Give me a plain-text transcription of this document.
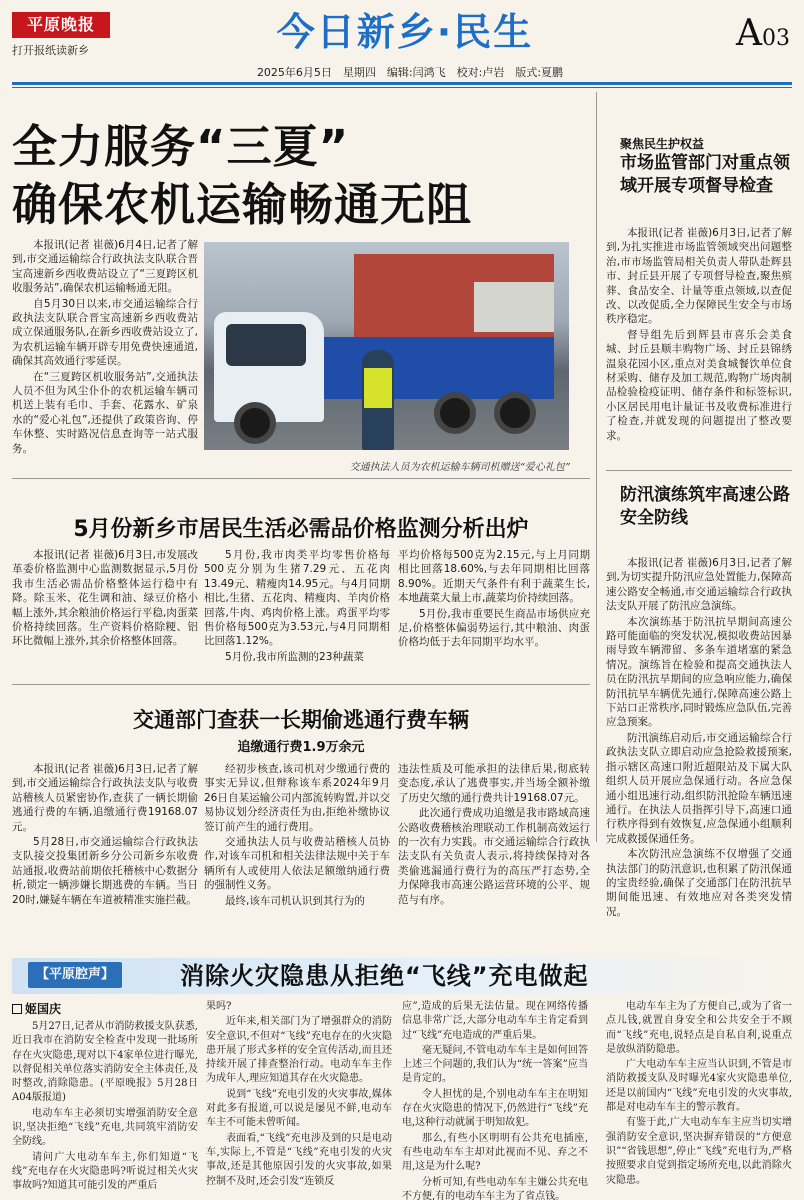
平原晚报
打开报纸读新乡	今日新乡·民生	A03
2025年6月5日　星期四　编辑:闫鸿飞　校对:卢岩　版式:夏鹏
全力服务“三夏”
确保农机运输畅通无阻

本报讯(记者 崔薇)6月4日,记者了解到,市交通运输综合行政执法支队联合晋宝高速新乡西收费站设立了“三夏跨区机收服务站”,确保农机运输畅通无阻。

自5月30日以来,市交通运输综合行政执法支队联合晋宝高速新乡西收费站成立保通服务队,在新乡西收费站设立了,为农机运输车辆开辟专用免费快速通道,确保其高效通行零延误。

在“三夏跨区机收服务站”,交通执法人员不但为风尘仆仆的农机运输车辆司机送上装有毛巾、手套、花露水、矿泉水的“爱心礼包”,还提供了政策咨询、停车休整、实时路况信息查询等一站式服务。

交通执法人员为农机运输车辆司机赠送“爱心礼包”
5月份新乡市居民生活必需品价格监测分析出炉

本报讯(记者 崔薇)6月3日,市发展改革委价格监测中心监测数据显示,5月份我市生活必需品价格整体运行稳中有降。除玉米、花生调和油、绿豆价格小幅上涨外,其余粮油价格运行平稳,肉蛋菜价格持续回落。生产资料价格除粳、铝环比微幅上涨外,其余价格整体回落。

5月份,我市肉类平均零售价格每500克分别为生猪7.29元、五花肉13.49元、精瘦肉14.95元。与4月同期相比,生猪、五花肉、精瘦肉、羊肉价格回落,牛肉、鸡肉价格上涨。鸡蛋平均零售价格每500克为3.53元,与4月同期相比回落1.12%。

5月份,我市所监测的23种蔬菜

平均价格每500克为2.15元,与上月同期相比回落18.60%,与去年同期相比回落8.90%。近期天气条件有利于蔬菜生长,本地蔬菜大量上市,蔬菜均价持续回落。

5月份,我市重要民生商品市场供应充足,价格整体偏弱势运行,其中粮油、肉蛋价格均低于去年同期平均水平。

交通部门查获一长期偷逃通行费车辆
追缴通行费1.9万余元

本报讯(记者 崔薇)6月3日,记者了解到,市交通运输综合行政执法支队与收费站稽核人员紧密协作,查获了一辆长期偷逃通行费的车辆,追缴通行费19168.07元。

5月28日,市交通运输综合行政执法支队接交投集团新乡分公司新乡东收费站通报,收费站前期依托稽核中心数据分析,锁定一辆涉嫌长期逃费的车辆。当日20时,嫌疑车辆在车道被精准实施拦截。

经初步核查,该司机对少缴通行费的事实无异议,但辩称该车系2024年9月26日自某运输公司内部流转购置,并以交易协议划分经济责任为由,拒绝补缴协议签订前产生的通行费用。

交通执法人员与收费站稽核人员协作,对该车司机和相关法律法规中关于车辆所有人或使用人依法足额缴纳通行费的强制性义务。

最终,该车司机认识到其行为的

违法性质及可能承担的法律后果,彻底转变态度,承认了逃费事实,并当场全额补缴了历史欠缴的通行费共计19168.07元。

此次通行费成功追缴是我市路域高速公路收费稽核治理联动工作机制高效运行的一次有力实践。市交通运输综合行政执法支队有关负责人表示,将持续保持对各类偷逃漏通行费行为的高压严打态势,全力保障我市高速公路运营环境的公平、规范与有序。

聚焦民生护权益
市场监管部门对重点领域开展专项督导检查

本报讯(记者 崔薇)6月3日,记者了解到,为扎实推进市场监管领域突出问题整治,市市场监管局相关负责人带队赴辉县市、封丘县开展了专项督导检查,聚焦殡葬、食品安全、计量等重点领域,以查促改、以改促质,全力保障民生安全与市场秩序稳定。

督导组先后到辉县市喜乐会美食城、封丘县顺丰购物广场、封丘县锦绣温泉花园小区,重点对美食城餐饮单位食材采购、储存及加工规范,购物广场肉制品检验检疫证明、储存条件和标签标识,小区居民用电计量证书及收费标准进行了检查,并就发现的问题提出了整改要求。

防汛演练筑牢高速公路安全防线

本报讯(记者 崔薇)6月3日,记者了解到,为切实提升防汛应急处置能力,保障高速公路安全畅通,市交通运输综合行政执法支队开展了防汛应急演练。

本次演练基于防汛抗旱期间高速公路可能面临的突发状况,模拟收费站因暴雨导致车辆滞留、多条车道堵塞的紧急情况。演练旨在检验和提高交通执法人员在防汛抗旱期间的应急响应能力,确保防汛抗旱车辆优先通行,保障高速公路上下站口正常秩序,同时锻炼应急队伍,完善应急预案。

防汛演练启动后,市交通运输综合行政执法支队立即启动应急抢险救援预案,指示辖区高速口附近超限站及下属大队组织人员开展应急保通行动。各应急保通小组迅速行动,组织防汛抢险车辆迅速通行。在执法人员指挥引导下,高速口通行秩序得到有效恢复,应急保通小组顺利完成救援保通任务。

本次防汛应急演练不仅增强了交通执法部门的防汛意识,也积累了防汛保通的宝贵经验,确保了交通部门在防汛抗旱期间能迅速、有效地应对各类突发情况。

【平原腔声】	消除火灾隐患从拒绝“飞线”充电做起
姬国庆

5月27日,记者从市消防救援支队获悉,近日我市在消防安全检查中发现一批场所存在火灾隐患,现对以下4家单位进行曝光,以督促相关单位落实消防安全主体责任,及时整改,消除隐患。(平原晚报》5月28日A04版报道)

电动车车主必须切实增强消防安全意识,坚决拒绝“飞线”充电,共同筑牢消防安全防线。

请问广大电动车车主,你们知道“飞线”充电存在火灾隐患吗?听说过相关火灾事故吗?知道其可能引发的严重后

果吗?

近年来,相关部门为了增强群众的消防安全意识,不但对“飞线”充电存在的火灾隐患开展了形式多样的安全宣传活动,而且还持续开展了排查整治行动。电动车车主作为成年人,理应知道其存在火灾隐患。

说到“飞线”充电引发的火灾事故,媒体对此多有报道,可以说是屡见不鲜,电动车车主不可能未曾听闻。

表面看,“飞线”充电涉及到的只是电动车,实际上,不管是“飞线”充电引发的火灾事故,还是其他原因引发的火灾事故,如果控制不及时,还会引发“连锁反

应”,造成的后果无法估量。现在网络传播信息非常广泛,大部分电动车车主肯定看到过“飞线”充电造成的严重后果。

毫无疑问,不管电动车车主是如何回答上述三个问题的,我们认为“统一答案”应当是肯定的。

令人担忧的是,个别电动车车主在明知存在火灾隐患的情况下,仍然进行“飞线”充电,这种行动就属于明知故犯。

那么,有些小区明明有公共充电插座,有些电动车车主却对此视而不见、弃之不用,这是为什么呢?

分析可知,有些电动车车主嫌公共充电不方便,有的电动车车主为了省点钱。

电动车车主为了方便自己,或为了省一点儿钱,就置自身安全和公共安全于不顾而“飞线”充电,说轻点是自私自利,说重点是放纵消防隐患。

广大电动车车主应当认识到,不管是市消防救援支队及时曝光4家火灾隐患单位,还是以前国内“飞线”充电引发的火灾事故,都是对电动车车主的警示教育。

有鉴于此,广大电动车车主应当切实增强消防安全意识,坚决摒弃错误的“方便意识”“省钱思想”,停止“飞线”充电行为,严格按照要求自觉到指定场所充电,以此消除火灾隐患。
